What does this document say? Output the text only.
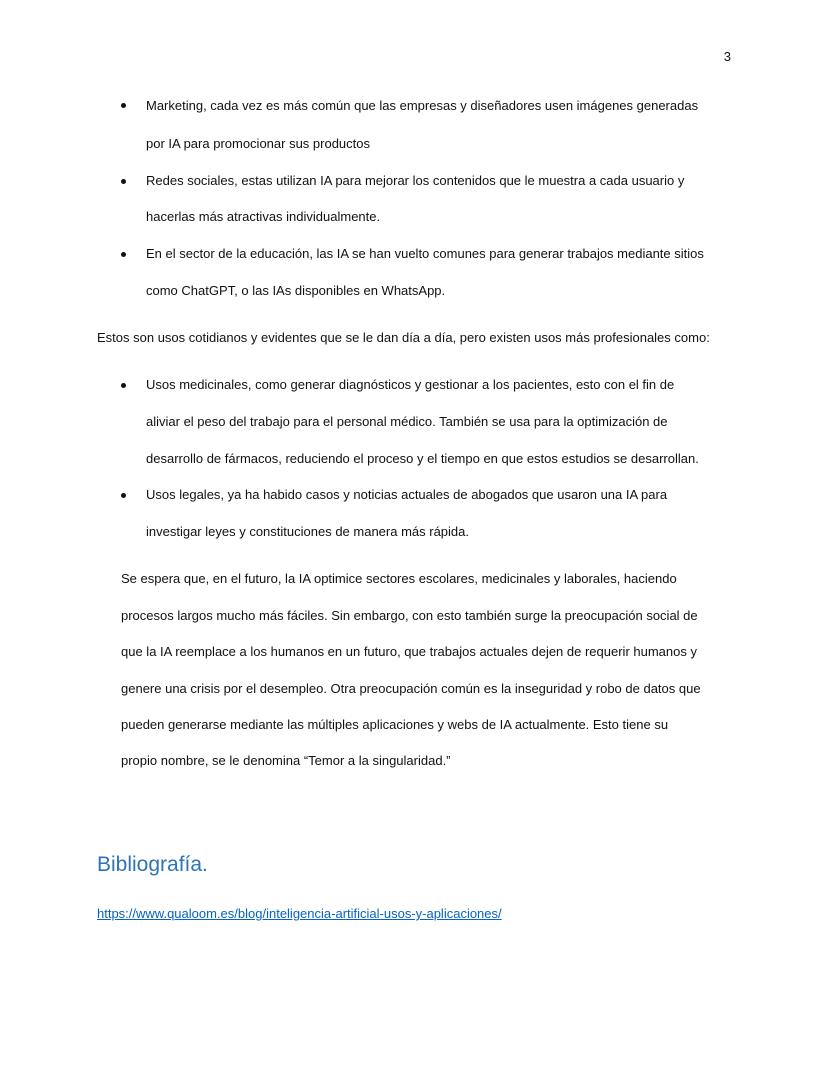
3
Marketing, cada vez es más común que las empresas y diseñadores usen imágenes generadas
por IA para promocionar sus productos
Redes sociales, estas utilizan IA para mejorar los contenidos que le muestra a cada usuario y
hacerlas más atractivas individualmente.
En el sector de la educación, las IA se han vuelto comunes para generar trabajos mediante sitios
como ChatGPT, o las IAs disponibles en WhatsApp.
Estos son usos cotidianos y evidentes que se le dan día a día, pero existen usos más profesionales como:
Usos medicinales, como generar diagnósticos y gestionar a los pacientes, esto con el fin de
aliviar el peso del trabajo para el personal médico. También se usa para la optimización de
desarrollo de fármacos, reduciendo el proceso y el tiempo en que estos estudios se desarrollan.
Usos legales, ya ha habido casos y noticias actuales de abogados que usaron una IA para
investigar leyes y constituciones de manera más rápida.
Se espera que, en el futuro, la IA optimice sectores escolares, medicinales y laborales, haciendo
procesos largos mucho más fáciles. Sin embargo, con esto también surge la preocupación social de
que la IA reemplace a los humanos en un futuro, que trabajos actuales dejen de requerir humanos y
genere una crisis por el desempleo. Otra preocupación común es la inseguridad y robo de datos que
pueden generarse mediante las múltiples aplicaciones y webs de IA actualmente. Esto tiene su
propio nombre, se le denomina “Temor a la singularidad.”
Bibliografía.
https://www.qualoom.es/blog/inteligencia-artificial-usos-y-aplicaciones/
